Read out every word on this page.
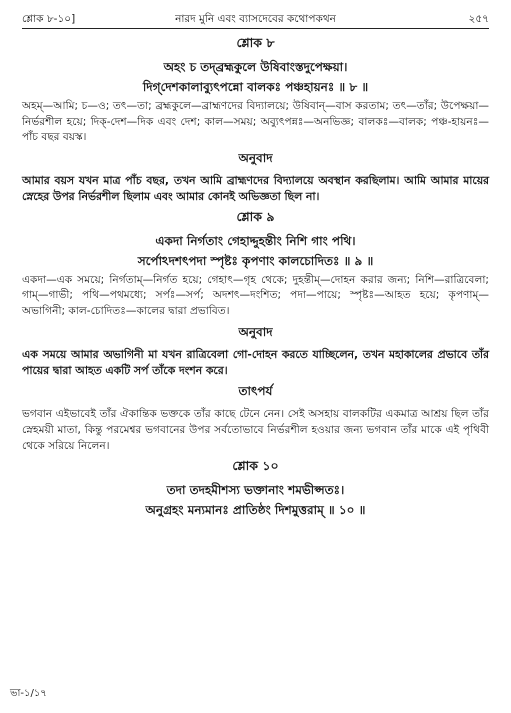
শ্লোক ৮-১০]	নারদ মুনি এবং ব্যাসদেবের কথোপকথন	২৫৭
শ্লোক ৮
অহং চ তদ্‌ব্রহ্মকুলে উষিবাংস্তদুপেক্ষয়া।
দিগ্‌দেশকালাব্যুৎপন্নো বালকঃ পঞ্চহায়নঃ ॥ ৮ ॥
অহম্—আমি; চ—ও; তৎ—তা; ব্রহ্মকুলে—ব্রাহ্মণদের বিদ্যালয়ে; উষিবান্—বাস করতাম; তৎ—তাঁর; উপেক্ষয়া—নির্ভরশীল হয়ে; দিক্‌-দেশ—দিক এবং দেশ; কাল—সময়; অব্যুৎপন্নঃ—অনভিজ্ঞ; বালকঃ—বালক; পঞ্চ-হায়নঃ—পাঁচ বছর বয়স্ক।
অনুবাদ
আমার বয়স যখন মাত্র পাঁচ বছর, তখন আমি ব্রাহ্মণদের বিদ্যালয়ে অবস্থান করছিলাম। আমি আমার মায়ের স্নেহের উপর নির্ভরশীল ছিলাম এবং আমার কোনই অভিজ্ঞতা ছিল না।
শ্লোক ৯
একদা নির্গতাং গেহাদ্দুহন্তীং নিশি গাং পথি।
সর্পোঽদশৎপদা স্পৃষ্টঃ কৃপণাং কালচোদিতঃ ॥ ৯ ॥
একদা—এক সময়ে; নির্গতাম্—নির্গত হয়ে; গেহাৎ—গৃহ থেকে; দুহন্তীম্—দোহন করার জন্য; নিশি—রাত্রিবেলা; গাম্—গাভী; পথি—পথমধ্যে; সর্পঃ—সর্প; অদশৎ—দংশিত; পদা—পায়ে; স্পৃষ্টঃ—আহত হয়ে; কৃপণাম্—অভাগিনী; কাল-চোদিতঃ—কালের দ্বারা প্রভাবিত।
অনুবাদ
এক সময়ে আমার অভাগিনী মা যখন রাত্রিবেলা গো-দোহন করতে যাচ্ছিলেন, তখন মহাকালের প্রভাবে তাঁর পায়ের দ্বারা আহত একটি সর্প তাঁকে দংশন করে।
তাৎপর্য
ভগবান এইভাবেই তাঁর ঐকান্তিক ভক্তকে তাঁর কাছে টেনে নেন। সেই অসহায় বালকটির একমাত্র আশ্রয় ছিল তাঁর স্নেহময়ী মাতা, কিন্তু পরমেশ্বর ভগবানের উপর সর্বতোভাবে নির্ভরশীল হওয়ার জন্য ভগবান তাঁর মাকে এই পৃথিবী থেকে সরিয়ে নিলেন।
শ্লোক ১০
তদা তদহমীশস্য ভক্তানাং শমভীপ্সতঃ।
অনুগ্রহং মন্যমানঃ প্রাতিষ্ঠং দিশমুত্তরাম্ ॥ ১০ ॥
ভা-১/১৭
